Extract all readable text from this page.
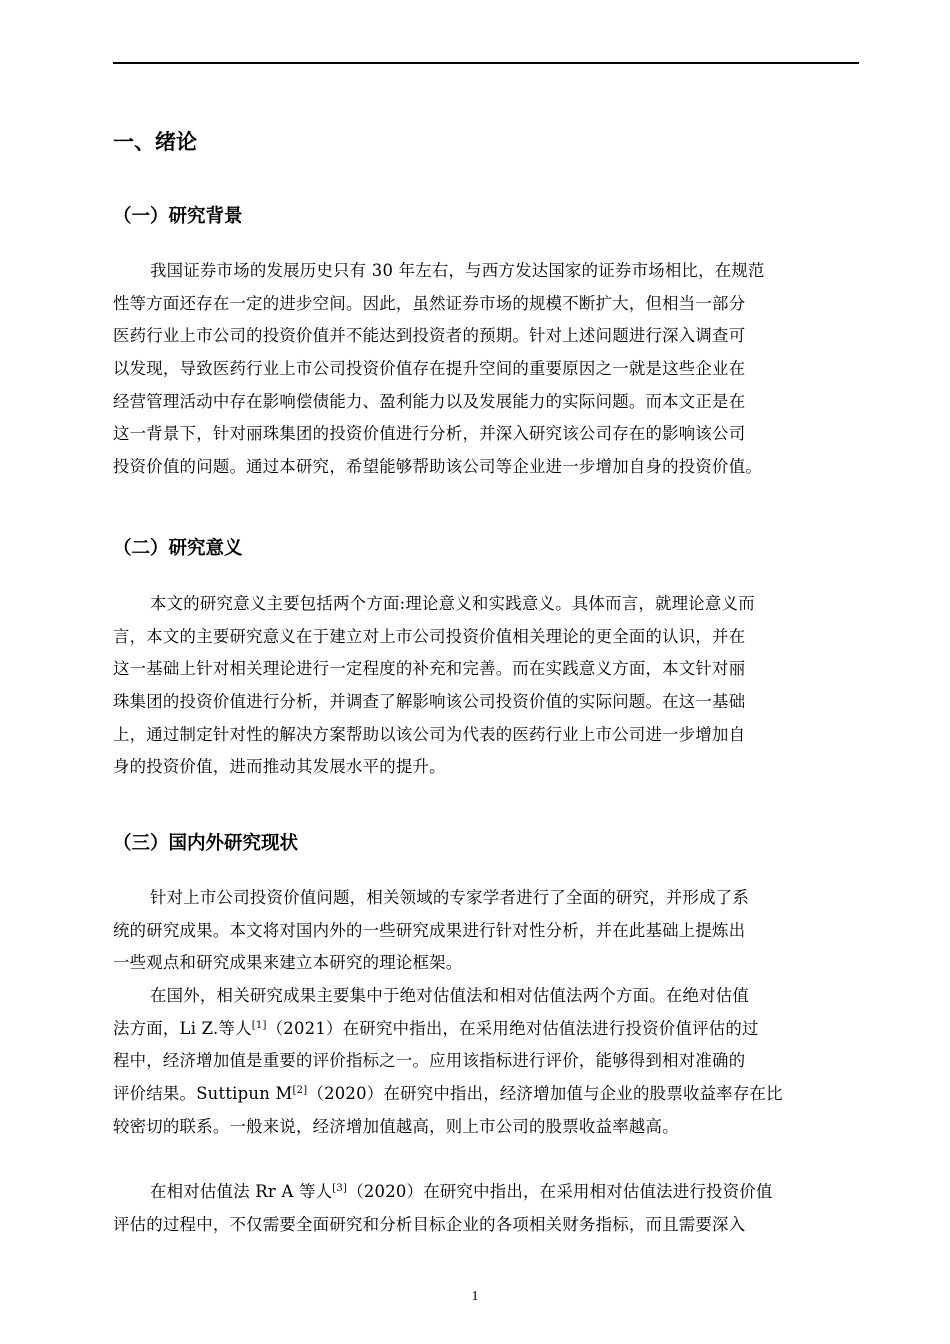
一、绪论
（一）研究背景
我国证券市场的发展历史只有 30 年左右，与西方发达国家的证券市场相比，在规范
性等方面还存在一定的进步空间。因此，虽然证券市场的规模不断扩大，但相当一部分
医药行业上市公司的投资价值并不能达到投资者的预期。针对上述问题进行深入调查可
以发现，导致医药行业上市公司投资价值存在提升空间的重要原因之一就是这些企业在
经营管理活动中存在影响偿债能力、盈利能力以及发展能力的实际问题。而本文正是在
这一背景下，针对丽珠集团的投资价值进行分析，并深入研究该公司存在的影响该公司
投资价值的问题。通过本研究，希望能够帮助该公司等企业进一步增加自身的投资价值。
（二）研究意义
本文的研究意义主要包括两个方面:理论意义和实践意义。具体而言，就理论意义而
言，本文的主要研究意义在于建立对上市公司投资价值相关理论的更全面的认识，并在
这一基础上针对相关理论进行一定程度的补充和完善。而在实践意义方面，本文针对丽
珠集团的投资价值进行分析，并调查了解影响该公司投资价值的实际问题。在这一基础
上，通过制定针对性的解决方案帮助以该公司为代表的医药行业上市公司进一步增加自
身的投资价值，进而推动其发展水平的提升。
（三）国内外研究现状
针对上市公司投资价值问题，相关领域的专家学者进行了全面的研究，并形成了系
统的研究成果。本文将对国内外的一些研究成果进行针对性分析，并在此基础上提炼出
一些观点和研究成果来建立本研究的理论框架。
在国外，相关研究成果主要集中于绝对估值法和相对估值法两个方面。在绝对估值
法方面，Li Z.等人[1]（2021）在研究中指出，在采用绝对估值法进行投资价值评估的过
程中，经济增加值是重要的评价指标之一。应用该指标进行评价，能够得到相对准确的
评价结果。Suttipun M[2]（2020）在研究中指出，经济增加值与企业的股票收益率存在比
较密切的联系。一般来说，经济增加值越高，则上市公司的股票收益率越高。
在相对估值法 Rr A 等人[3]（2020）在研究中指出，在采用相对估值法进行投资价值
评估的过程中，不仅需要全面研究和分析目标企业的各项相关财务指标，而且需要深入
1
